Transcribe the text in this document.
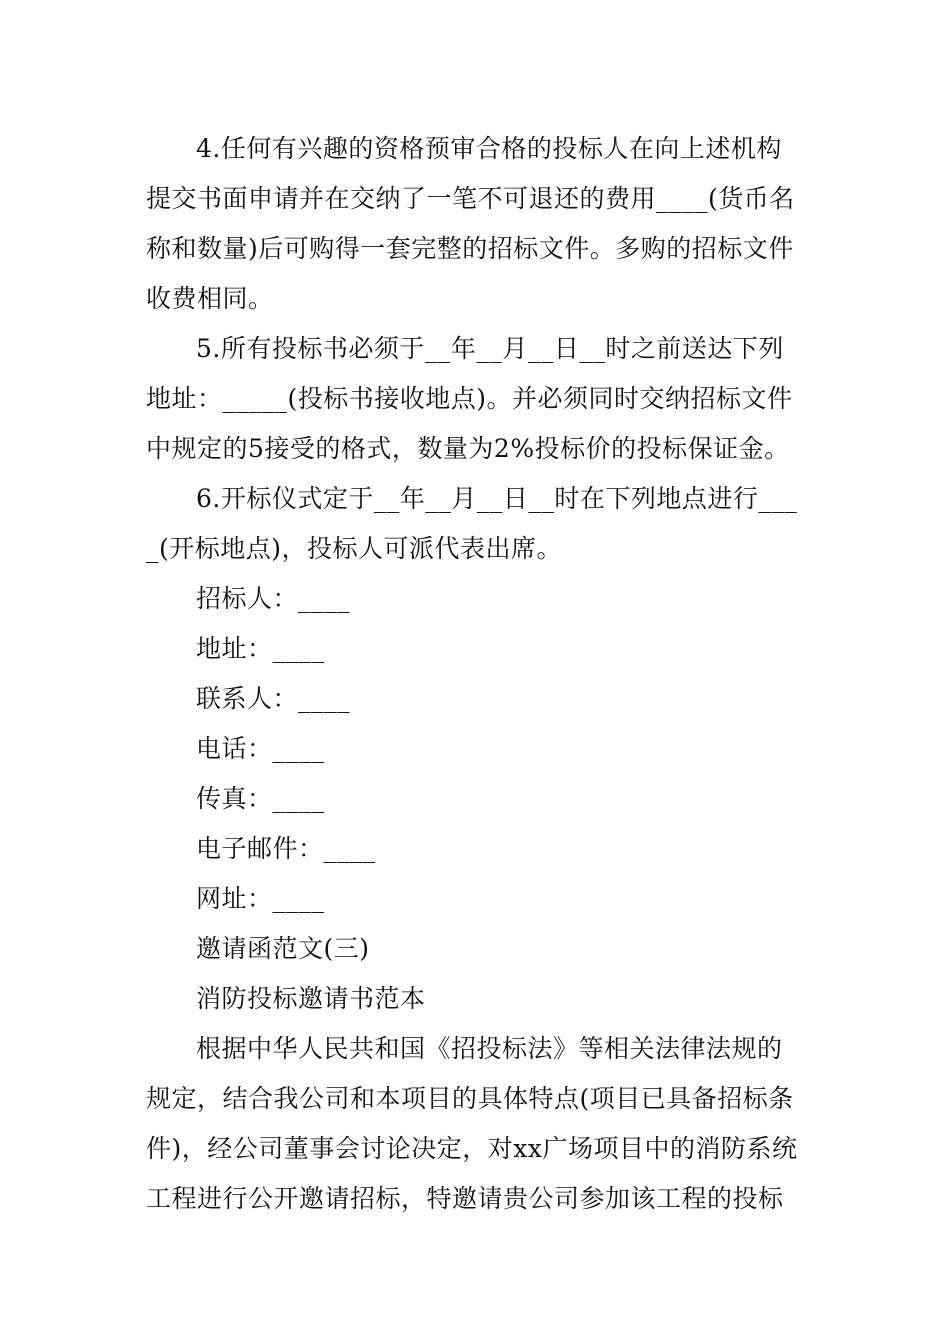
4.任何有兴趣的资格预审合格的投标人在向上述机构
提交书面申请并在交纳了一笔不可退还的费用____(货币名
称和数量)后可购得一套完整的招标文件。多购的招标文件
收费相同。
5.所有投标书必须于__年__月__日__时之前送达下列
地址：_____(投标书接收地点)。并必须同时交纳招标文件
中规定的5接受的格式，数量为2%投标价的投标保证金。
6.开标仪式定于__年__月__日__时在下列地点进行___
_(开标地点)，投标人可派代表出席。
招标人：____
地址：____
联系人：____
电话：____
传真：____
电子邮件：____
网址：____
邀请函范文(三)
消防投标邀请书范本
根据中华人民共和国《招投标法》等相关法律法规的
规定，结合我公司和本项目的具体特点(项目已具备招标条
件)，经公司董事会讨论决定，对xx广场项目中的消防系统
工程进行公开邀请招标，特邀请贵公司参加该工程的投标
